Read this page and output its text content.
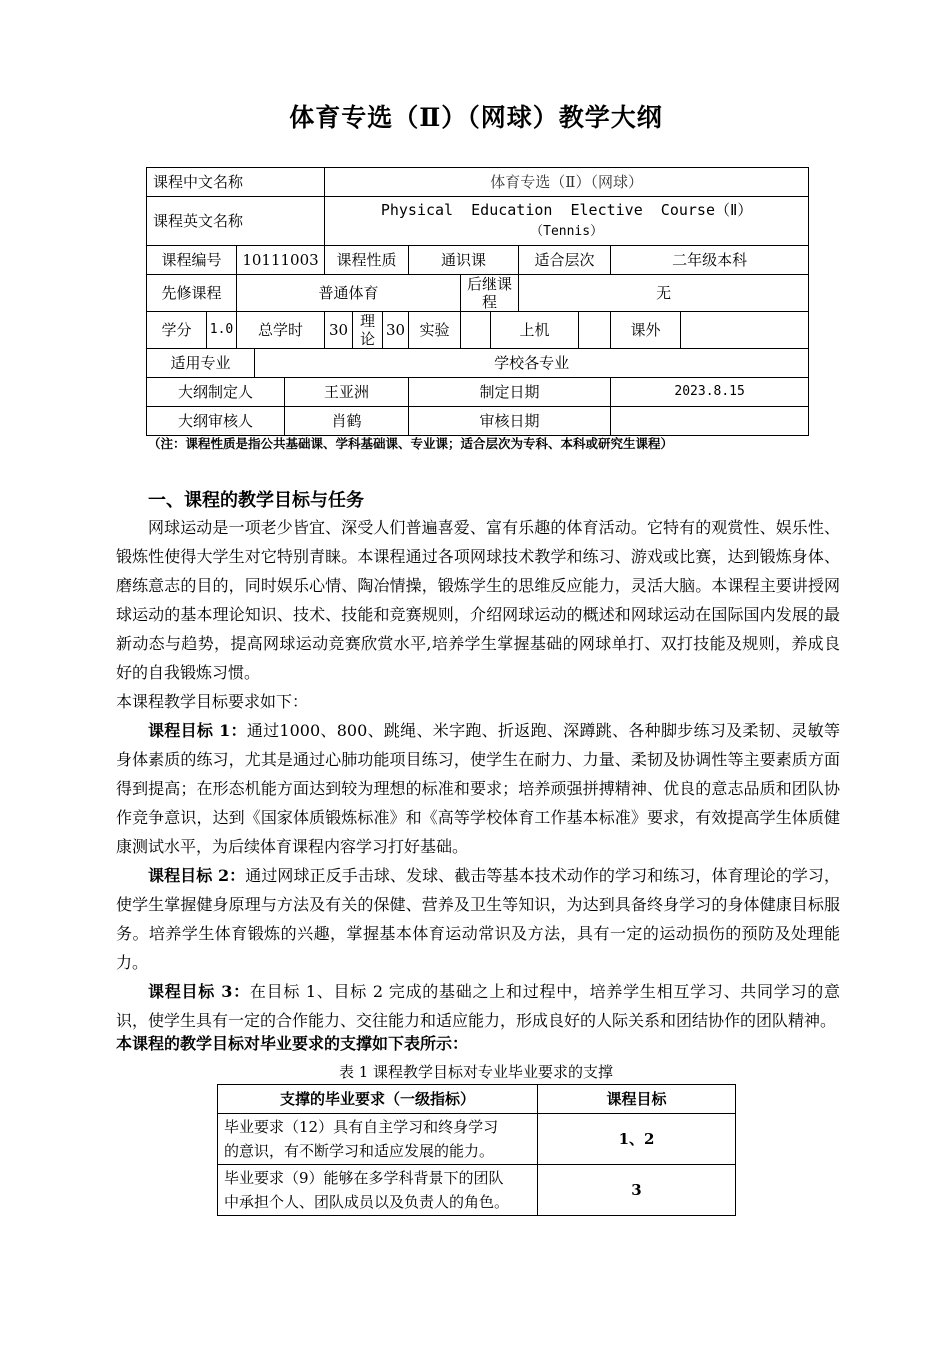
体育专选（Ⅱ）（网球）教学大纲
课程中文名称					体育专选（Ⅱ）（网球）									
课程英文名称					Physical  Education  Elective  Course（Ⅱ）
（Tennis）									

课程编号		10111003			课程性质			通识课			适合层次		二年级本科	
先修课程		普通体育							后继课程		无			
学分	1.0	总学时			30	理论	30	实验		上机			课外	
适用专业			学校各专业											
大纲制定人				王亚洲				制定日期					2023.8.15	
大纲审核人				肖鹤				审核日期						
（注：课程性质是指公共基础课、学科基础课、专业课；适合层次为专科、本科或研究生课程）
一、课程的教学目标与任务
网球运动是一项老少皆宜、深受人们普遍喜爱、富有乐趣的体育活动。它特有的观赏性、娱乐性、锻炼性使得大学生对它特别青睐。本课程通过各项网球技术教学和练习、游戏或比赛，达到锻炼身体、磨练意志的目的，同时娱乐心情、陶冶情操，锻炼学生的思维反应能力，灵活大脑。本课程主要讲授网球运动的基本理论知识、技术、技能和竞赛规则，介绍网球运动的概述和网球运动在国际国内发展的最新动态与趋势，提高网球运动竞赛欣赏水平,培养学生掌握基础的网球单打、双打技能及规则，养成良好的自我锻炼习惯。
本课程教学目标要求如下：
课程目标 1：通过1000、800、跳绳、米字跑、折返跑、深蹲跳、各种脚步练习及柔韧、灵敏等身体素质的练习，尤其是通过心肺功能项目练习，使学生在耐力、力量、柔韧及协调性等主要素质方面得到提高；在形态机能方面达到较为理想的标准和要求；培养顽强拼搏精神、优良的意志品质和团队协作竞争意识，达到《国家体质锻炼标准》和《高等学校体育工作基本标准》要求，有效提高学生体质健康测试水平，为后续体育课程内容学习打好基础。
课程目标 2：通过网球正反手击球、发球、截击等基本技术动作的学习和练习，体育理论的学习，使学生掌握健身原理与方法及有关的保健、营养及卫生等知识，为达到具备终身学习的身体健康目标服务。培养学生体育锻炼的兴趣，掌握基本体育运动常识及方法，具有一定的运动损伤的预防及处理能力。
课程目标 3：在目标 1、目标 2 完成的基础之上和过程中，培养学生相互学习、共同学习的意识，使学生具有一定的合作能力、交往能力和适应能力，形成良好的人际关系和团结协作的团队精神。
本课程的教学目标对毕业要求的支撑如下表所示：
表 1 课程教学目标对专业毕业要求的支撑
支撑的毕业要求（一级指标）	课程目标

毕业要求（12）具有自主学习和终身学习
的意识，有不断学习和适应发展的能力。	1、2

毕业要求（9）能够在多学科背景下的团队
中承担个人、团队成员以及负责人的角色。	3
